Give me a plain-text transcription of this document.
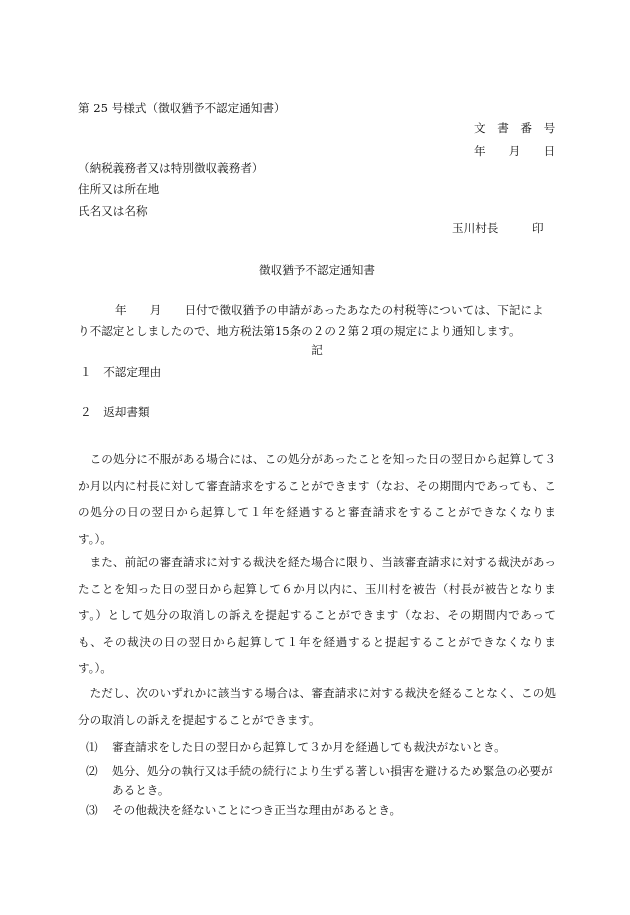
第 25 号様式（徴収猶予不認定通知書）
文　書　番　号
年　　月　　日
（納税義務者又は特別徴収義務者）
住所又は所在地
氏名又は名称
玉川村長	印
徴収猶予不認定通知書
年　　月　　日付で徴収猶予の申請があったあなたの村税等については、下記によ
り不認定としましたので、地方税法第15条の２の２第２項の規定により通知します。
記
１　不認定理由
２　返却書類
この処分に不服がある場合には、この処分があったことを知った日の翌日から起算して３か月以内に村長に対して審査請求をすることができます（なお、その期間内であっても、この処分の日の翌日から起算して１年を経過すると審査請求をすることができなくなります。）。
また、前記の審査請求に対する裁決を経た場合に限り、当該審査請求に対する裁決があったことを知った日の翌日から起算して６か月以内に、玉川村を被告（村長が被告となります。）として処分の取消しの訴えを提起することができます（なお、その期間内であっても、その裁決の日の翌日から起算して１年を経過すると提起することができなくなります。）。
ただし、次のいずれかに該当する場合は、審査請求に対する裁決を経ることなく、この処分の取消しの訴えを提起することができます。
⑴ 審査請求をした日の翌日から起算して３か月を経過しても裁決がないとき。
⑵ 処分、処分の執行又は手続の続行により生ずる著しい損害を避けるため緊急の必要があるとき。
⑶ その他裁決を経ないことにつき正当な理由があるとき。
